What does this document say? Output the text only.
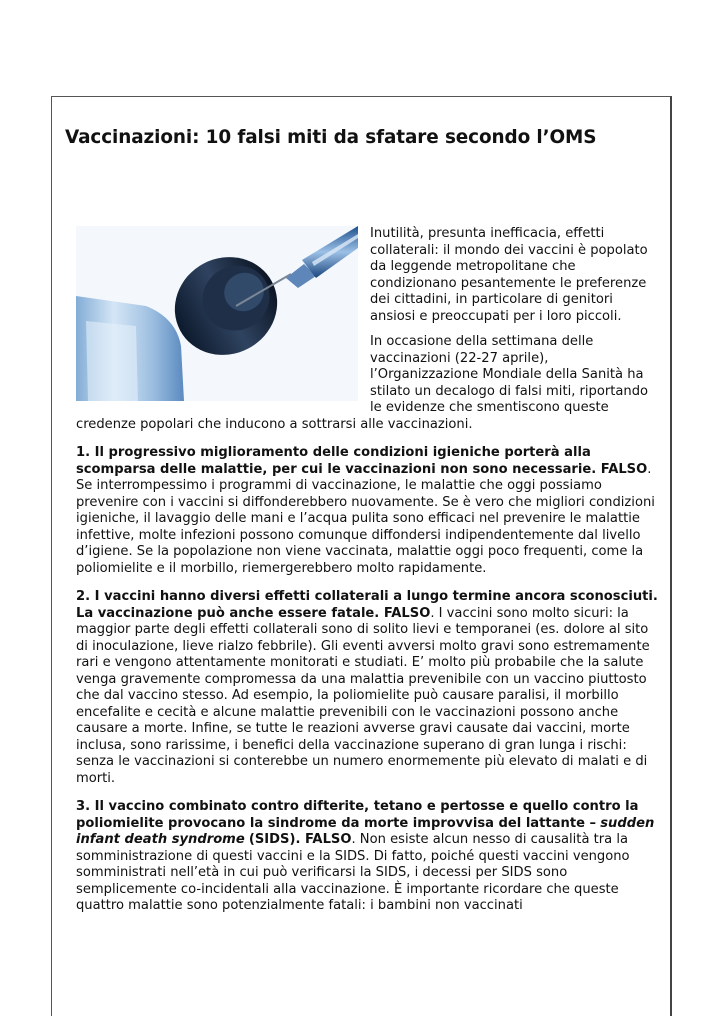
Vaccinazioni: 10 falsi miti da sfatare secondo l’OMS

Inutilità, presunta inefficacia, effetti collaterali: il mondo dei vaccini è popolato da leggende metropolitane che condizionano pesantemente le preferenze dei cittadini, in particolare di genitori ansiosi e preoccupati per i loro piccoli.

In occasione della settimana delle vaccinazioni (22-27 aprile), l’Organizzazione Mondiale della Sanità ha stilato un decalogo di falsi miti, riportando le evidenze che smentiscono queste credenze popolari che inducono a sottrarsi alle vaccinazioni.

1. Il progressivo miglioramento delle condizioni igieniche porterà alla scomparsa delle malattie, per cui le vaccinazioni non sono necessarie. FALSO. Se interrompessimo i programmi di vaccinazione, le malattie che oggi possiamo prevenire con i vaccini si diffonderebbero nuovamente. Se è vero che migliori condizioni igieniche, il lavaggio delle mani e l’acqua pulita sono efficaci nel prevenire le malattie infettive, molte infezioni possono comunque diffondersi indipendentemente dal livello d’igiene. Se la popolazione non viene vaccinata, malattie oggi poco frequenti, come la poliomielite e il morbillo, riemergerebbero molto rapidamente.

2. I vaccini hanno diversi effetti collaterali a lungo termine ancora sconosciuti. La vaccinazione può anche essere fatale. FALSO. I vaccini sono molto sicuri: la maggior parte degli effetti collaterali sono di solito lievi e temporanei (es. dolore al sito di inoculazione, lieve rialzo febbrile). Gli eventi avversi molto gravi sono estremamente rari e vengono attentamente monitorati e studiati. E’ molto più probabile che la salute venga gravemente compromessa da una malattia prevenibile con un vaccino piuttosto che dal vaccino stesso. Ad esempio, la poliomielite può causare paralisi, il morbillo encefalite e cecità e alcune malattie prevenibili con le vaccinazioni possono anche causare a morte. Infine, se tutte le reazioni avverse gravi causate dai vaccini, morte inclusa, sono rarissime, i benefici della vaccinazione superano di gran lunga i rischi: senza le vaccinazioni si conterebbe un numero enormemente più elevato di malati e di morti.

3. Il vaccino combinato contro difterite, tetano e pertosse e quello contro la poliomielite provocano la sindrome da morte improvvisa del lattante – sudden infant death syndrome (SIDS). FALSO. Non esiste alcun nesso di causalità tra la somministrazione di questi vaccini e la SIDS. Di fatto, poiché questi vaccini vengono somministrati nell’età in cui può verificarsi la SIDS, i decessi per SIDS sono semplicemente co-incidentali alla vaccinazione. È importante ricordare che queste quattro malattie sono potenzialmente fatali: i bambini non vaccinati
